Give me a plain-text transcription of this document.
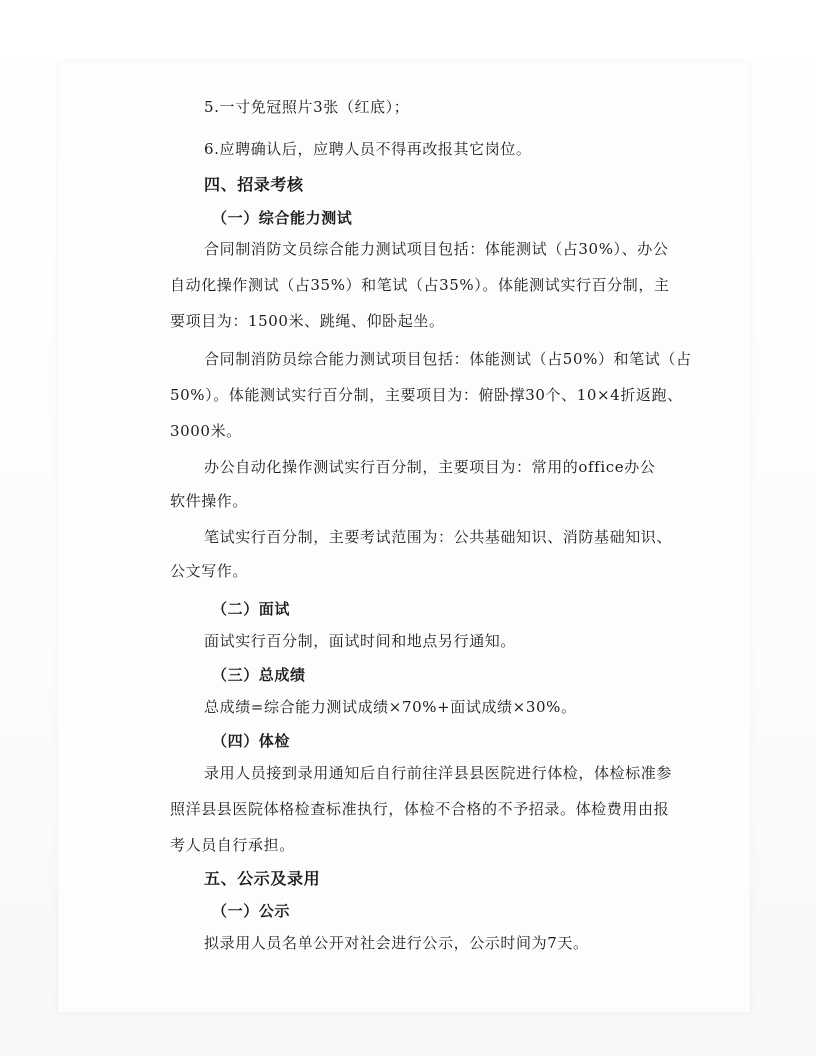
5.一寸免冠照片3张（红底）；
6.应聘确认后，应聘人员不得再改报其它岗位。
四、招录考核
（一）综合能力测试
合同制消防文员综合能力测试项目包括：体能测试（占30%）、办公
自动化操作测试（占35%）和笔试（占35%）。体能测试实行百分制，主
要项目为：1500米、跳绳、仰卧起坐。
合同制消防员综合能力测试项目包括：体能测试（占50%）和笔试（占
50%）。体能测试实行百分制，主要项目为：俯卧撑30个、10×4折返跑、
3000米。
办公自动化操作测试实行百分制，主要项目为：常用的office办公
软件操作。
笔试实行百分制，主要考试范围为：公共基础知识、消防基础知识、
公文写作。
（二）面试
面试实行百分制，面试时间和地点另行通知。
（三）总成绩
总成绩=综合能力测试成绩×70%+面试成绩×30%。
（四）体检
录用人员接到录用通知后自行前往洋县县医院进行体检，体检标准参
照洋县县医院体格检查标准执行，体检不合格的不予招录。体检费用由报
考人员自行承担。
五、公示及录用
（一）公示
拟录用人员名单公开对社会进行公示，公示时间为7天。
